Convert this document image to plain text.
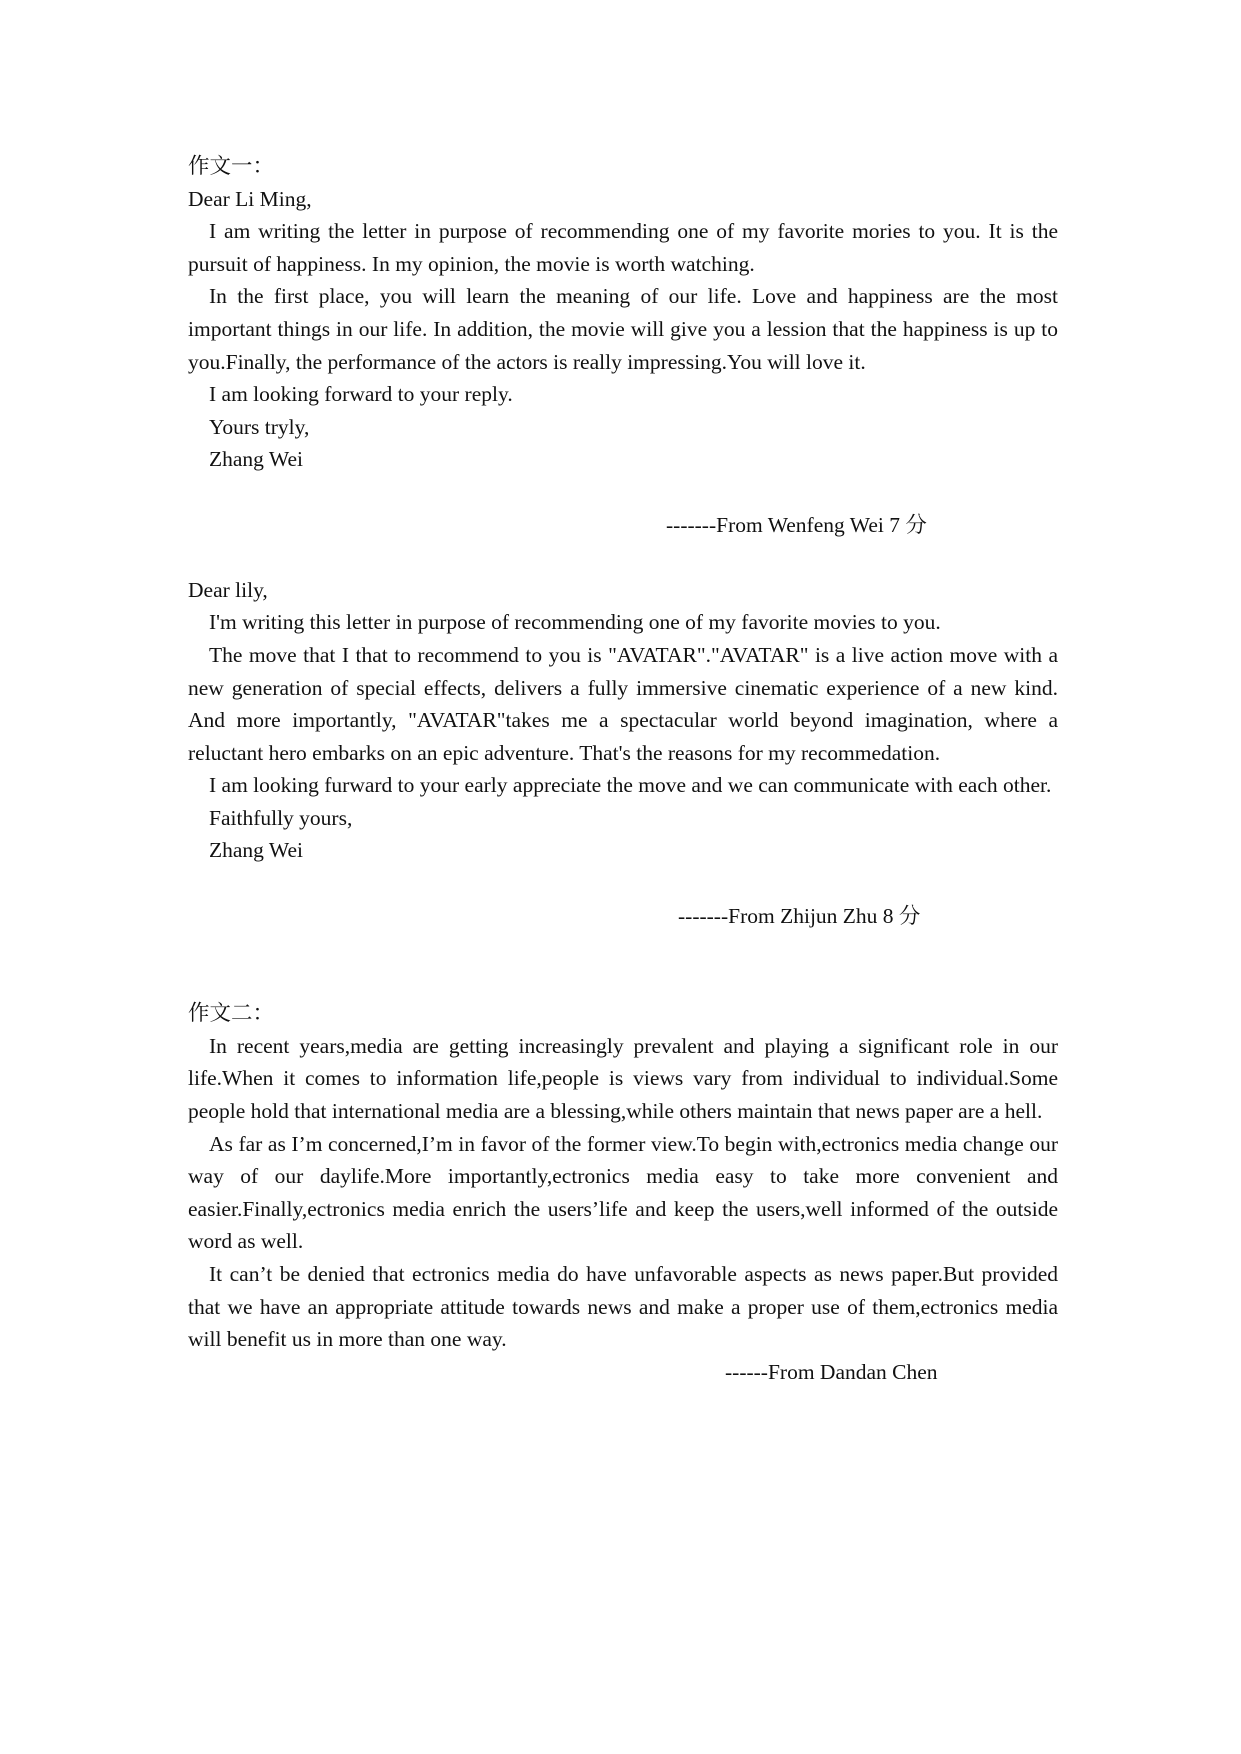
作文一：
Dear Li Ming,

I am writing the letter in purpose of recommending one of my favorite mories to you. It is the pursuit of happiness. In my opinion, the movie is worth watching.

In the first place, you will learn the meaning of our life. Love and happiness are the most important things in our life. In addition, the movie will give you a lession that the happiness is up to you.Finally, the performance of the actors is really impressing.You will love it.

I am looking forward to your reply.

Yours tryly,
Zhang Wei
-------From Wenfeng Wei 7 分
Dear lily,

I'm writing this letter in purpose of recommending one of my favorite movies to you.

The move that I that to recommend to you is "AVATAR"."AVATAR" is a live action move with a new generation of special effects, delivers a fully immersive cinematic experience of a new kind. And more importantly, "AVATAR"takes me a spectacular world beyond imagination, where a reluctant hero embarks on an epic adventure. That's the reasons for my recommedation.

I am looking furward to your early appreciate the move and we can communicate with each other.

Faithfully yours,
Zhang Wei
-------From Zhijun Zhu 8 分
作文二：

In recent years,media are getting increasingly prevalent and playing a significant role in our life.When it comes to information life,people is views vary from individual to individual.Some people hold that international media are a blessing,while others maintain that news paper are a hell.

As far as I’m concerned,I’m in favor of the former view.To begin with,ectronics media change our way of our daylife.More importantly,ectronics media easy to take more convenient and easier.Finally,ectronics media enrich the users’life and keep the users,well informed of the outside word as well.

It can’t be denied that ectronics media do have unfavorable aspects as news paper.But provided that we have an appropriate attitude towards news and make a proper use of them,ectronics media will benefit us in more than one way.

------From Dandan Chen
